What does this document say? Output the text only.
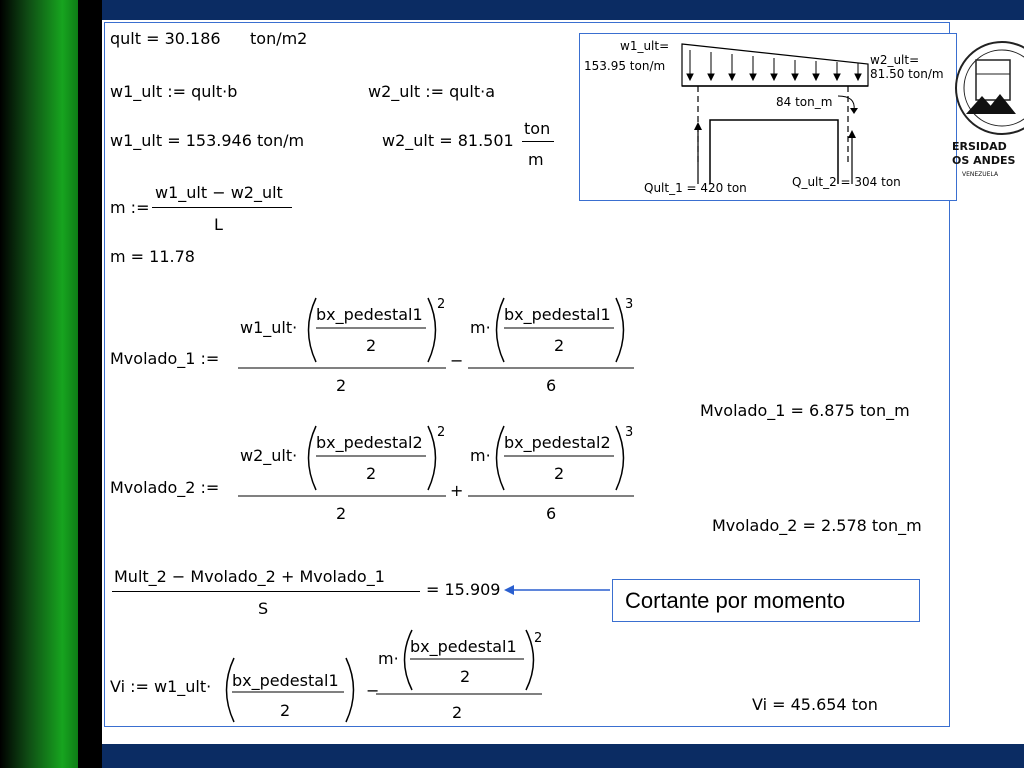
qult = 30.186 ton/m2
w1_ult := qult·b	w2_ult := qult·a
w1_ult = 153.946 ton/m	w2_ult = 81.501
ton
m
m :=
w1_ult − w2_ult
L
m = 11.78
Mvolado_1 :=
w1_ult·
bx_pedestal1
2
2
2
−
m·
bx_pedestal1
2
3
6
Mvolado_1 = 6.875 ton_m
Mvolado_2 :=
w2_ult·
bx_pedestal2
2
2
2
+
m·
bx_pedestal2
2
3
6
Mvolado_2 = 2.578 ton_m
Mult_2 − Mvolado_2 + Mvolado_1
S
= 15.909	Cortante por momento
Vi := w1_ult· bx_pedestal1
2
−
m·
bx_pedestal1
2
2
2	Vi = 45.654 ton
w1_ult=
153.95 ton/m	w2_ult=
81.50 ton/m
84 ton_m
Qult_1 = 420 ton	Q_ult_2 = 304 ton
ERSIDAD
OS ANDES
VENEZUELA
